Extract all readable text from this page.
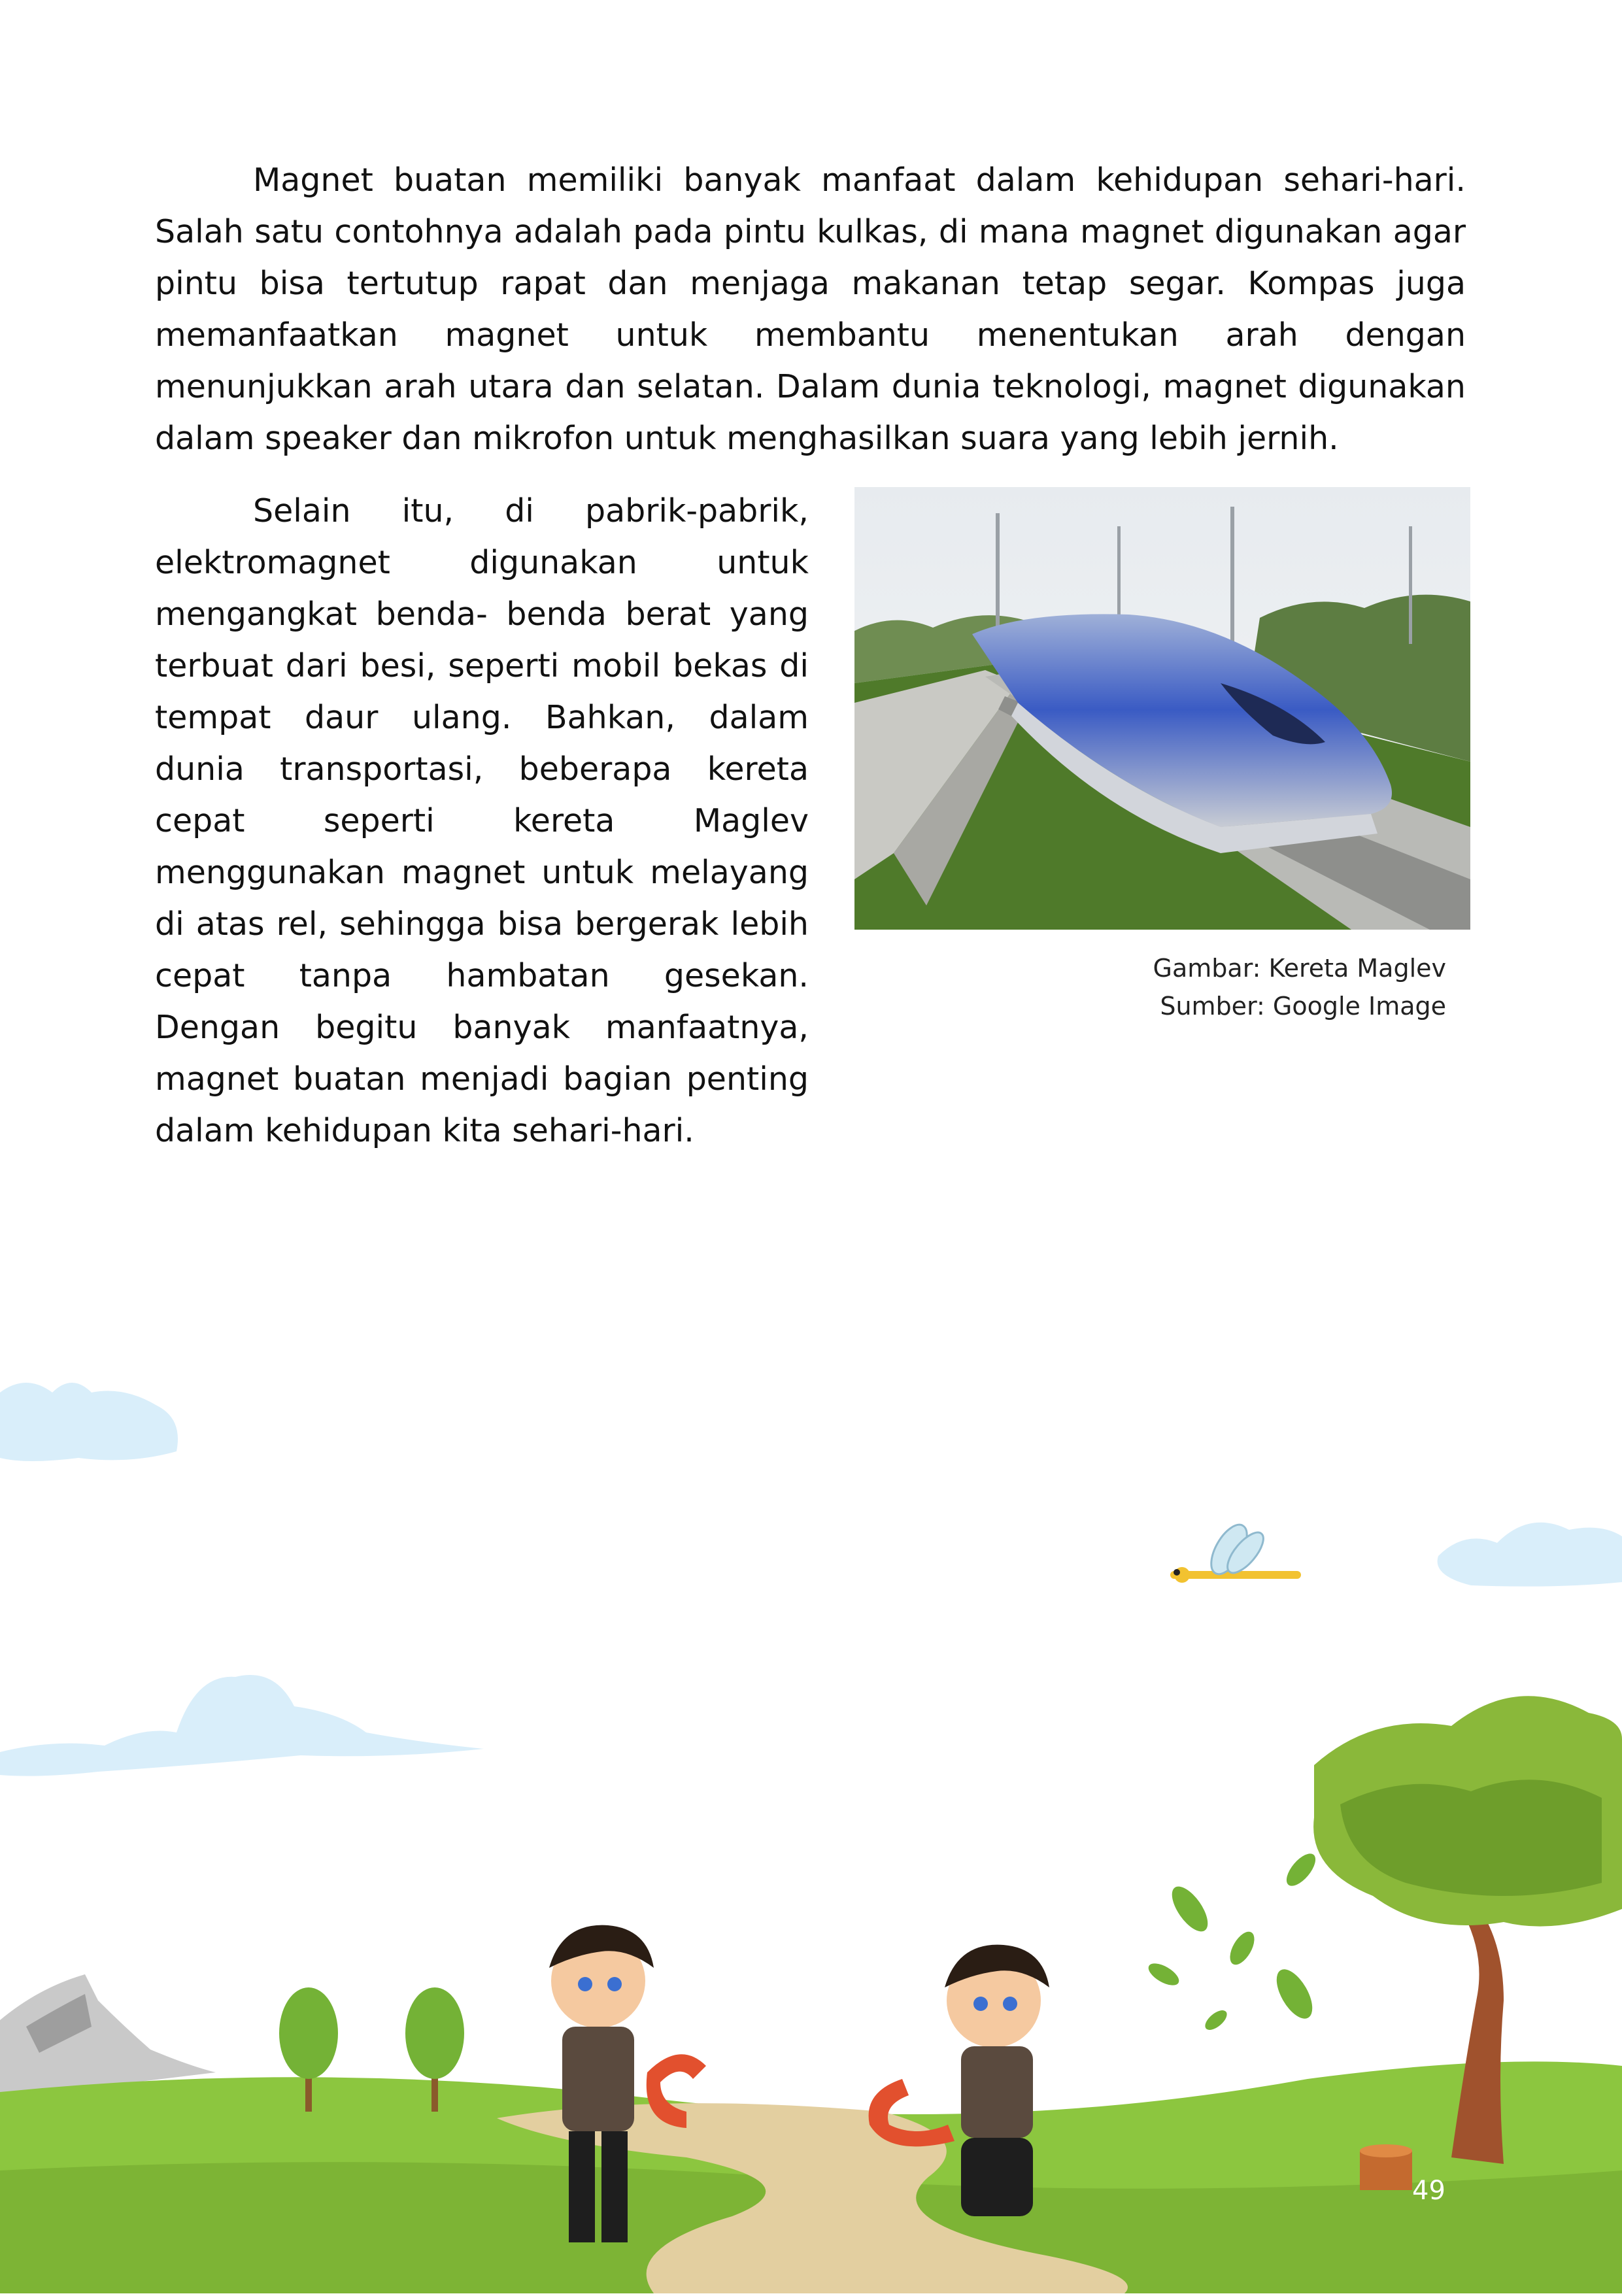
Magnet buatan memiliki banyak manfaat dalam kehidupan sehari-hari. Salah satu contohnya adalah pada pintu kulkas, di mana magnet digunakan agar pintu bisa tertutup rapat dan menjaga makanan tetap segar. Kompas juga memanfaatkan magnet untuk membantu menentukan arah dengan menunjukkan arah utara dan selatan. Dalam dunia teknologi, magnet digunakan dalam speaker dan mikrofon untuk menghasilkan suara yang lebih jernih.

Selain itu, di pabrik-pabrik, elektromagnet digunakan untuk mengangkat benda- benda berat yang terbuat dari besi, seperti mobil bekas di tempat daur ulang. Bahkan, dalam dunia transportasi, beberapa kereta cepat seperti kereta Maglev menggunakan magnet untuk melayang di atas rel, sehingga bisa bergerak lebih cepat tanpa hambatan gesekan. Dengan begitu banyak manfaatnya, magnet buatan menjadi bagian penting dalam kehidupan kita sehari-hari.

Gambar: Kereta Maglev
Sumber: Google Image
49
